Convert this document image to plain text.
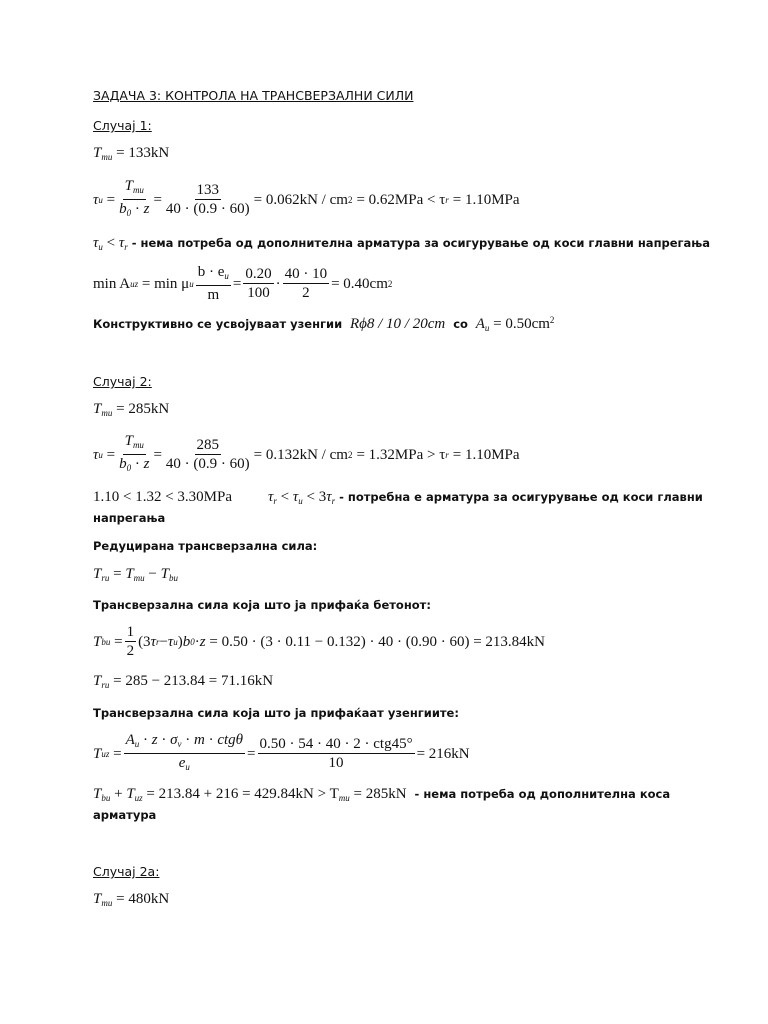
ЗАДАЧА 3: КОНТРОЛА НА ТРАНСВЕРЗАЛНИ СИЛИ
Случај 1:
$T_{mu} = 133kN$
τ $u = \frac{T_{mu}}{b_0 \cdot z} = \frac{133}{40 \cdot (0.9 \cdot 60)} = 0.062kN$ / cm 2 = 0.62MPa < τ r = 1.10MPa
$\tau_u < \tau_r$ - нема потреба од дополнителна арматура за осигурување од коси главни напрегања
min A uz
= min μ u $\frac{b \cdot e_u}{m} = \frac{0.20}{100} \cdot \frac{40 \cdot 10}{2} = 0.40cm$ 2
Конструктивно се усвојуваат узенгии Rϕ8 / 10 / 20cm со $A_u = 0.50cm^2$
Случај 2:
$T_{mu} = 285kN$
τ $u = \frac{T_{mu}}{b_0 \cdot z} = \frac{285}{40 \cdot (0.9 \cdot 60)} = 0.132kN$ / cm 2 = 1.32MPa > τ r = 1.10MPa
1.10 < 1.32 < 3.30MPa $\tau_r < \tau_u < 3\tau_r$ - потребна е арматура за осигурување од коси главни
напрегања
Редуцирана трансверзална сила:
$T_{ru} = T_{mu} - T_{bu}$
Трансверзална сила која што ја прифаќа бетонот:
T bu = $\frac{1}{2} (3$ τ r − τ u ) b 0 · z
= 0.50 · (3 · 0.11 − 0.132) · 40 · (0.90 · 60) = 213.84kN
$T_{ru} = 285 - 213.84 = 71.16kN$
Трансверзална сила која што ја прифаќаат узенгиите:
T uz = $\frac{A_u \cdot z \cdot \sigma_v \cdot m \cdot ctg\theta}{e_u} = \frac{\text{0.50 · 54 · 40 · 2 · ctg45°}}{10} = 216kN$
$T_{bu} + T_{uz} = 213.84 + 216 = 429.84kN > T_{mu} = 285kN$ - нема потреба од дополнителна коса
арматура
Случај 2а:
$T_{mu} = 480kN$
